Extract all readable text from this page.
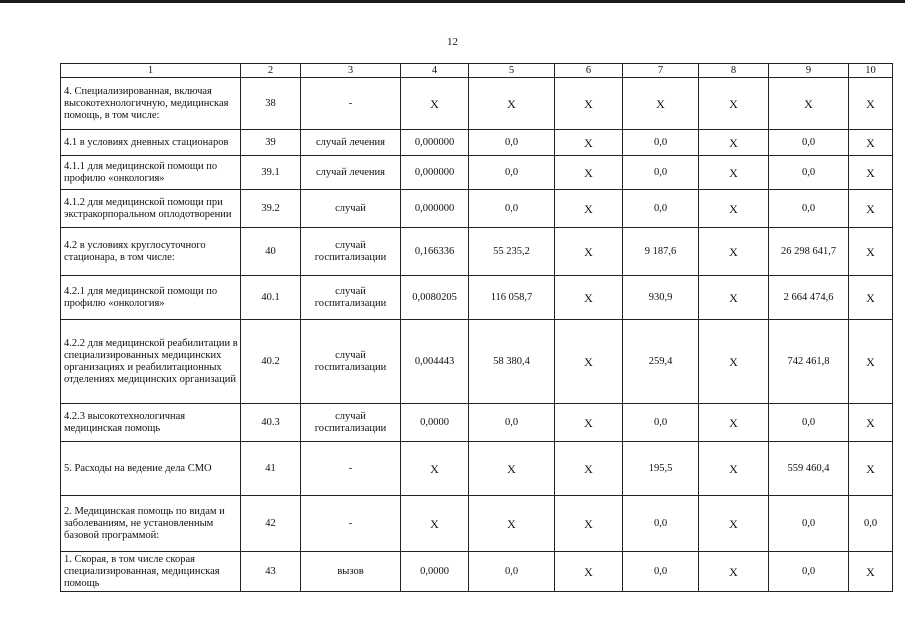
12
1	2	3	4	5	6	7	8	9	10
4. Специализированная, включая высокотехнологичную, медицинская помощь, в том числе:	38	-	X	X	X	X	X	X	X
4.1 в условиях дневных стационаров	39	случай лечения	0,000000	0,0	X	0,0	X	0,0	X
4.1.1 для медицинской помощи по профилю «онкология»	39.1	случай лечения	0,000000	0,0	X	0,0	X	0,0	X
4.1.2 для медицинской помощи при экстракорпоральном оплодотворении	39.2	случай	0,000000	0,0	X	0,0	X	0,0	X
4.2 в условиях круглосуточного стационара, в том числе:	40	случай госпитализации	0,166336	55 235,2	X	9 187,6	X	26 298 641,7	X
4.2.1 для медицинской помощи по профилю «онкология»	40.1	случай госпитализации	0,0080205	116 058,7	X	930,9	X	2 664 474,6	X
4.2.2 для медицинской реабилитации в специализированных медицинских организациях и реабилитационных отделениях медицинских организаций	40.2	случай госпитализации	0,004443	58 380,4	X	259,4	X	742 461,8	X
4.2.3 высокотехнологичная медицинская помощь	40.3	случай госпитализации	0,0000	0,0	X	0,0	X	0,0	X
5. Расходы на ведение дела СМО	41	-	X	X	X	195,5	X	559 460,4	X
2. Медицинская помощь по видам и заболеваниям, не установленным базовой программой:	42	-	X	X	X	0,0	X	0,0	0,0
1. Скорая, в том числе скорая специализированная, медицинская помощь	43	вызов	0,0000	0,0	X	0,0	X	0,0	X
